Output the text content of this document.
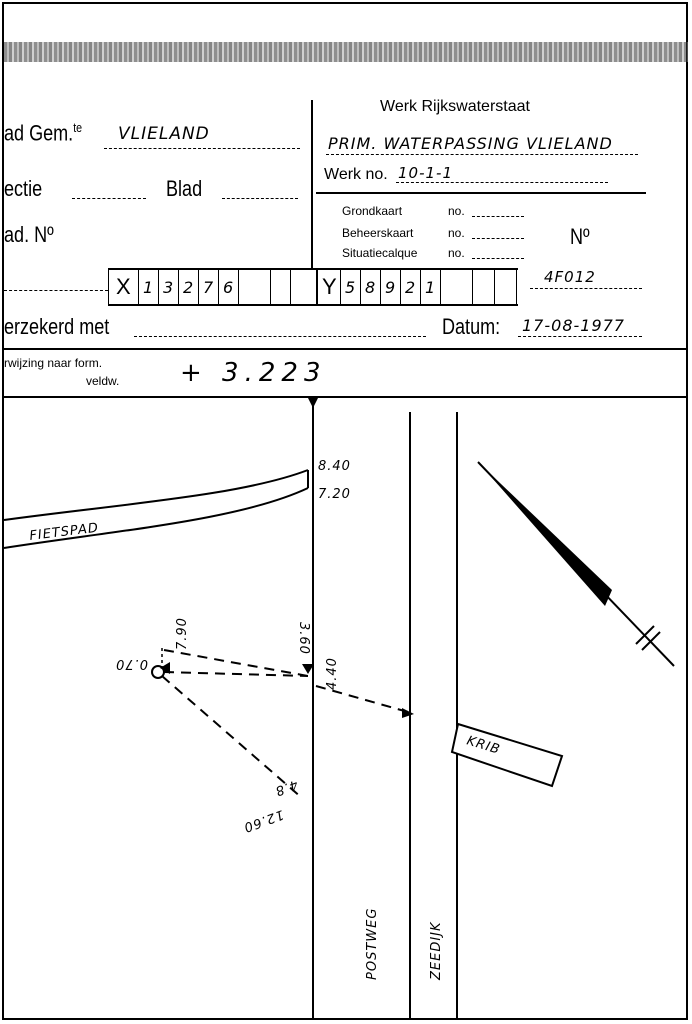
ad Gem.$^{te}$ VLIELAND
ectie	Blad
ad. Nº
Werk Rijkswaterstaat
PRIM. WATERPASSING VLIELAND
Werk no. 10-1-1
Grondkaart	no.
Beheerskaart	no.
Situatiecalque	no.
Nº
4F012
X	Y
1 3 2 7 6	5 8 9 2 1
erzekerd met	Datum: 17-08-1977
rwijzing naar form.
veldw. + 3.223
FIETSPAD
KRIB
POSTWEG	ZEEDIJK
8.40
7.20
7.90
0.70
3.60
4.40
4.8
12.60
